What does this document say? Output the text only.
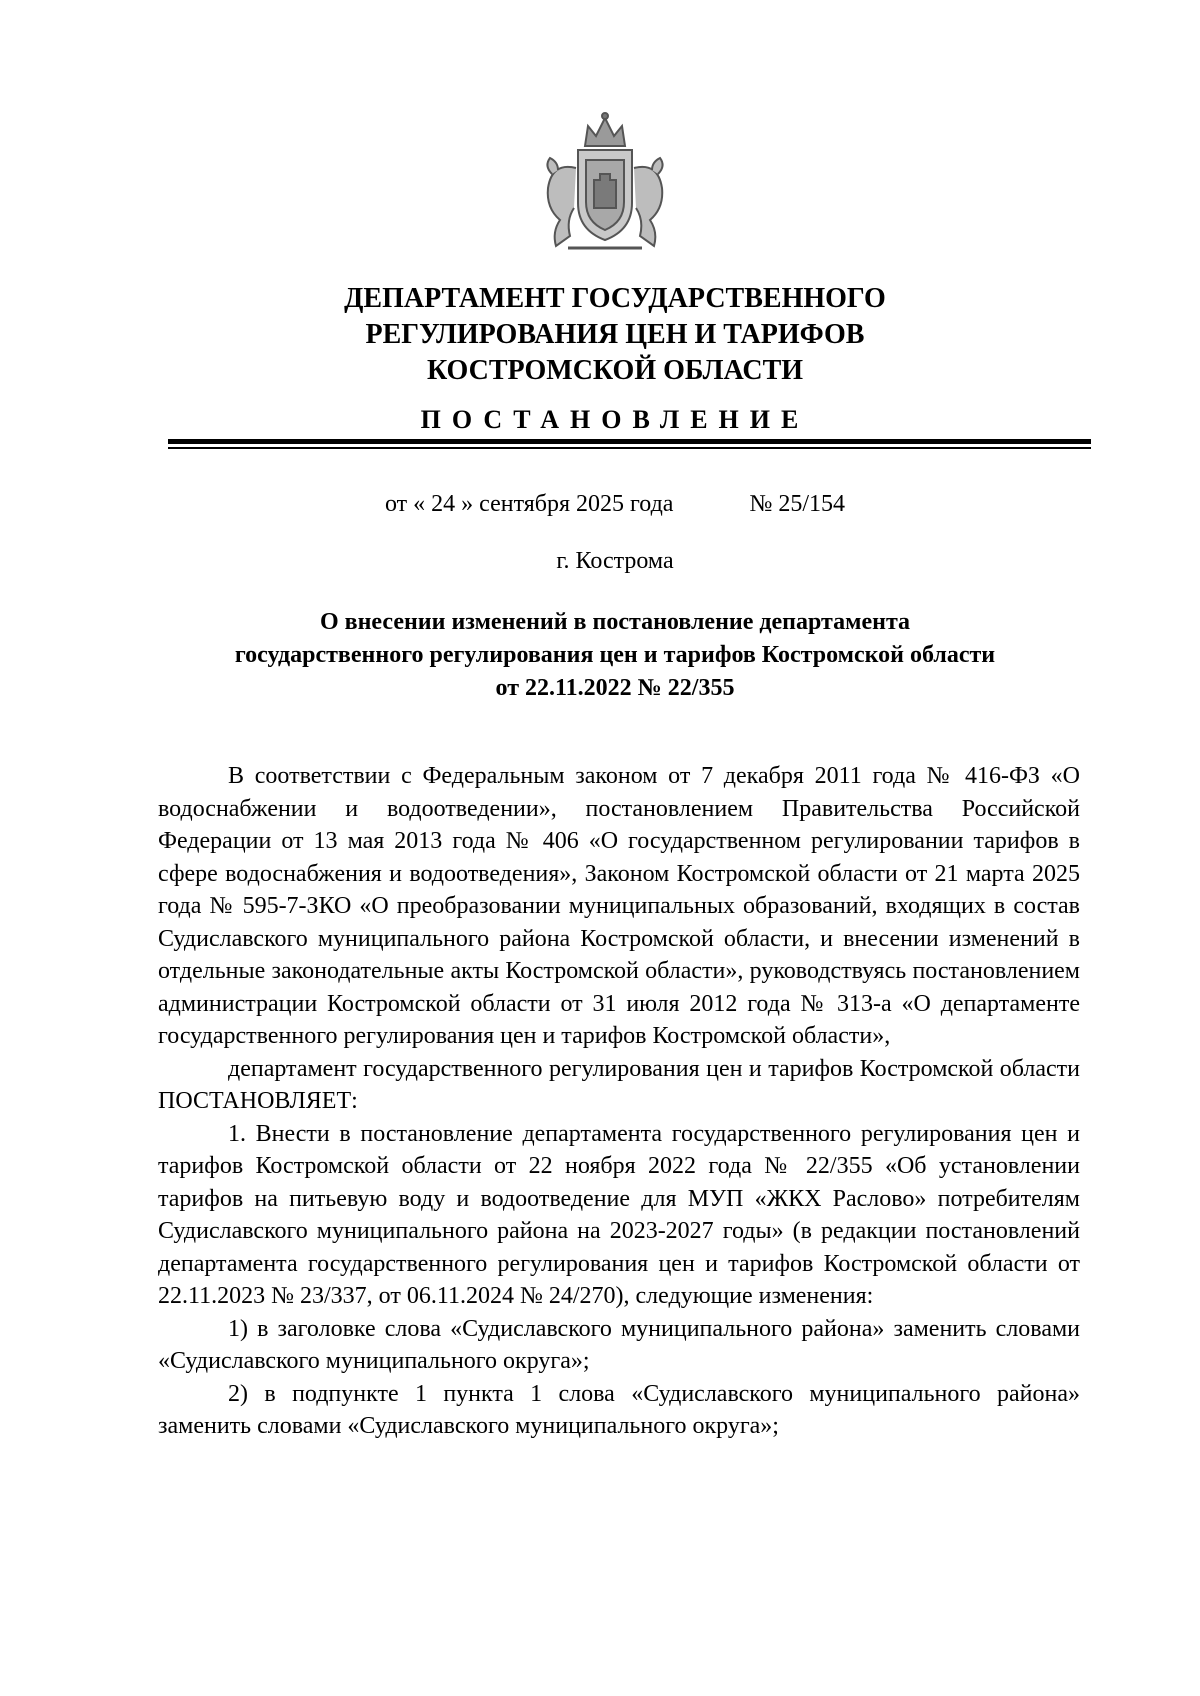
ДЕПАРТАМЕНТ ГОСУДАРСТВЕННОГО
РЕГУЛИРОВАНИЯ ЦЕН И ТАРИФОВ
КОСТРОМСКОЙ ОБЛАСТИ
ПОСТАНОВЛЕНИЕ
от « 24 » сентября 2025 года	№ 25/154
г. Кострома
О внесении изменений в постановление департамента
государственного регулирования цен и тарифов Костромской области
от 22.11.2022 № 22/355

В соответствии с Федеральным законом от 7 декабря 2011 года № 416-ФЗ «О водоснабжении и водоотведении», постановлением Правительства Российской Федерации от 13 мая 2013 года № 406 «О государственном регулировании тарифов в сфере водоснабжения и водоотведения», Законом Костромской области от 21 марта 2025 года № 595-7-ЗКО «О преобразовании муниципальных образований, входящих в состав Судиславского муниципального района Костромской области, и внесении изменений в отдельные законодательные акты Костромской области», руководствуясь постановлением администрации Костромской области от 31 июля 2012 года № 313-а «О департаменте государственного регулирования цен и тарифов Костромской области»,

департамент государственного регулирования цен и тарифов Костромской области ПОСТАНОВЛЯЕТ:

1. Внести в постановление департамента государственного регулирования цен и тарифов Костромской области от 22 ноября 2022 года № 22/355 «Об установлении тарифов на питьевую воду и водоотведение для МУП «ЖКХ Раслово» потребителям Судиславского муниципального района на 2023-2027 годы» (в редакции постановлений департамента государственного регулирования цен и тарифов Костромской области от 22.11.2023 № 23/337, от 06.11.2024 № 24/270), следующие изменения:

1) в заголовке слова «Судиславского муниципального района» заменить словами «Судиславского муниципального округа»;

2) в подпункте 1 пункта 1 слова «Судиславского муниципального района» заменить словами «Судиславского муниципального округа»;
